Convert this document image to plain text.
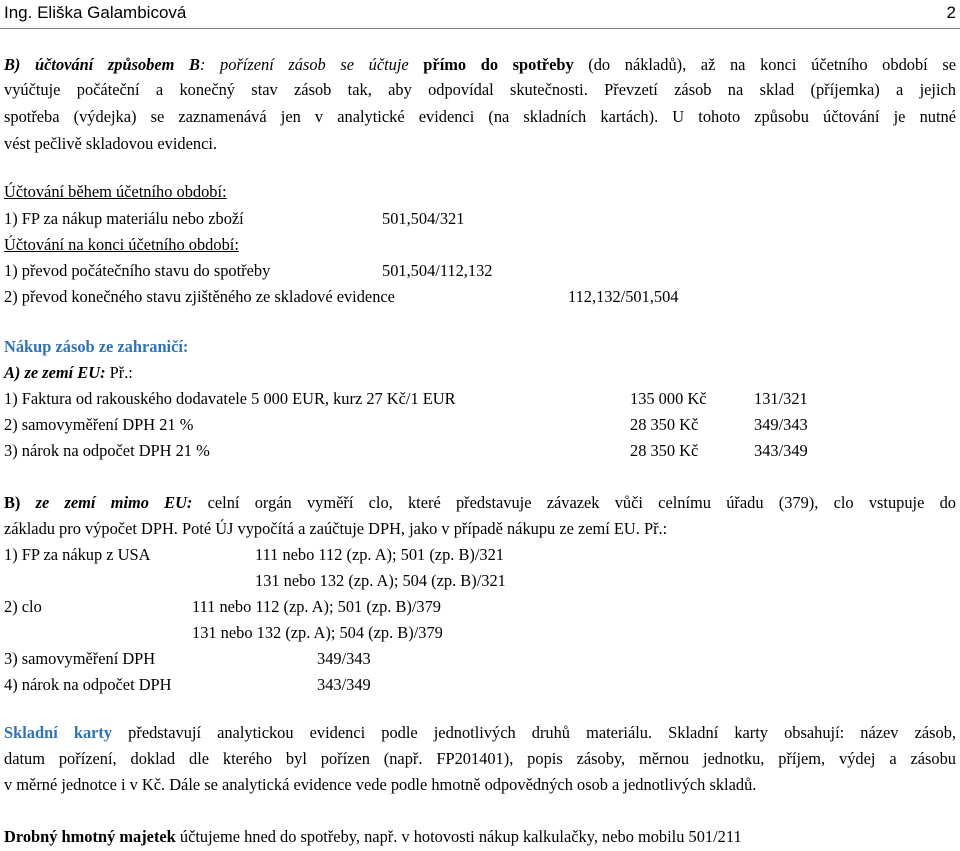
Ing. Eliška Galambicová	2
B) účtování způsobem B: pořízení zásob se účtuje přímo do spotřeby (do nákladů), až na konci účetního období se
vyúčtuje počáteční a konečný stav zásob tak, aby odpovídal skutečnosti. Převzetí zásob na sklad (příjemka) a jejich
spotřeba (výdejka) se zaznamenává jen v analytické evidenci (na skladních kartách). U tohoto způsobu účtování je nutné
vést pečlivě skladovou evidenci.
Účtování během účetního období:
1) FP za nákup materiálu nebo zboží	501,504/321
Účtování na konci účetního období:
1) převod počátečního stavu do spotřeby	501,504/112,132
2) převod konečného stavu zjištěného ze skladové evidence	112,132/501,504
Nákup zásob ze zahraničí:
A) ze zemí EU: Př.:
1) Faktura od rakouského dodavatele 5 000 EUR, kurz 27 Kč/1 EUR	135 000 Kč	131/321
2) samovyměření DPH 21 %	28 350 Kč	349/343
3) nárok na odpočet DPH 21 %	28 350 Kč	343/349
B) ze zemí mimo EU: celní orgán vyměří clo, které představuje závazek vůči celnímu úřadu (379), clo vstupuje do
základu pro výpočet DPH. Poté ÚJ vypočítá a zaúčtuje DPH, jako v případě nákupu ze zemí EU. Př.:
1) FP za nákup z USA	111 nebo 112 (zp. A); 501 (zp. B)/321
131 nebo 132 (zp. A); 504 (zp. B)/321
2) clo	111 nebo 112 (zp. A); 501 (zp. B)/379
131 nebo 132 (zp. A); 504 (zp. B)/379
3) samovyměření DPH	349/343
4) nárok na odpočet DPH	343/349
Skladní karty představují analytickou evidenci podle jednotlivých druhů materiálu. Skladní karty obsahují: název zásob,
datum pořízení, doklad dle kterého byl pořízen (např. FP201401), popis zásoby, měrnou jednotku, příjem, výdej a zásobu
v měrné jednotce i v Kč. Dále se analytická evidence vede podle hmotně odpovědných osob a jednotlivých skladů.
Drobný hmotný majetek účtujeme hned do spotřeby, např. v hotovosti nákup kalkulačky, nebo mobilu 501/211
